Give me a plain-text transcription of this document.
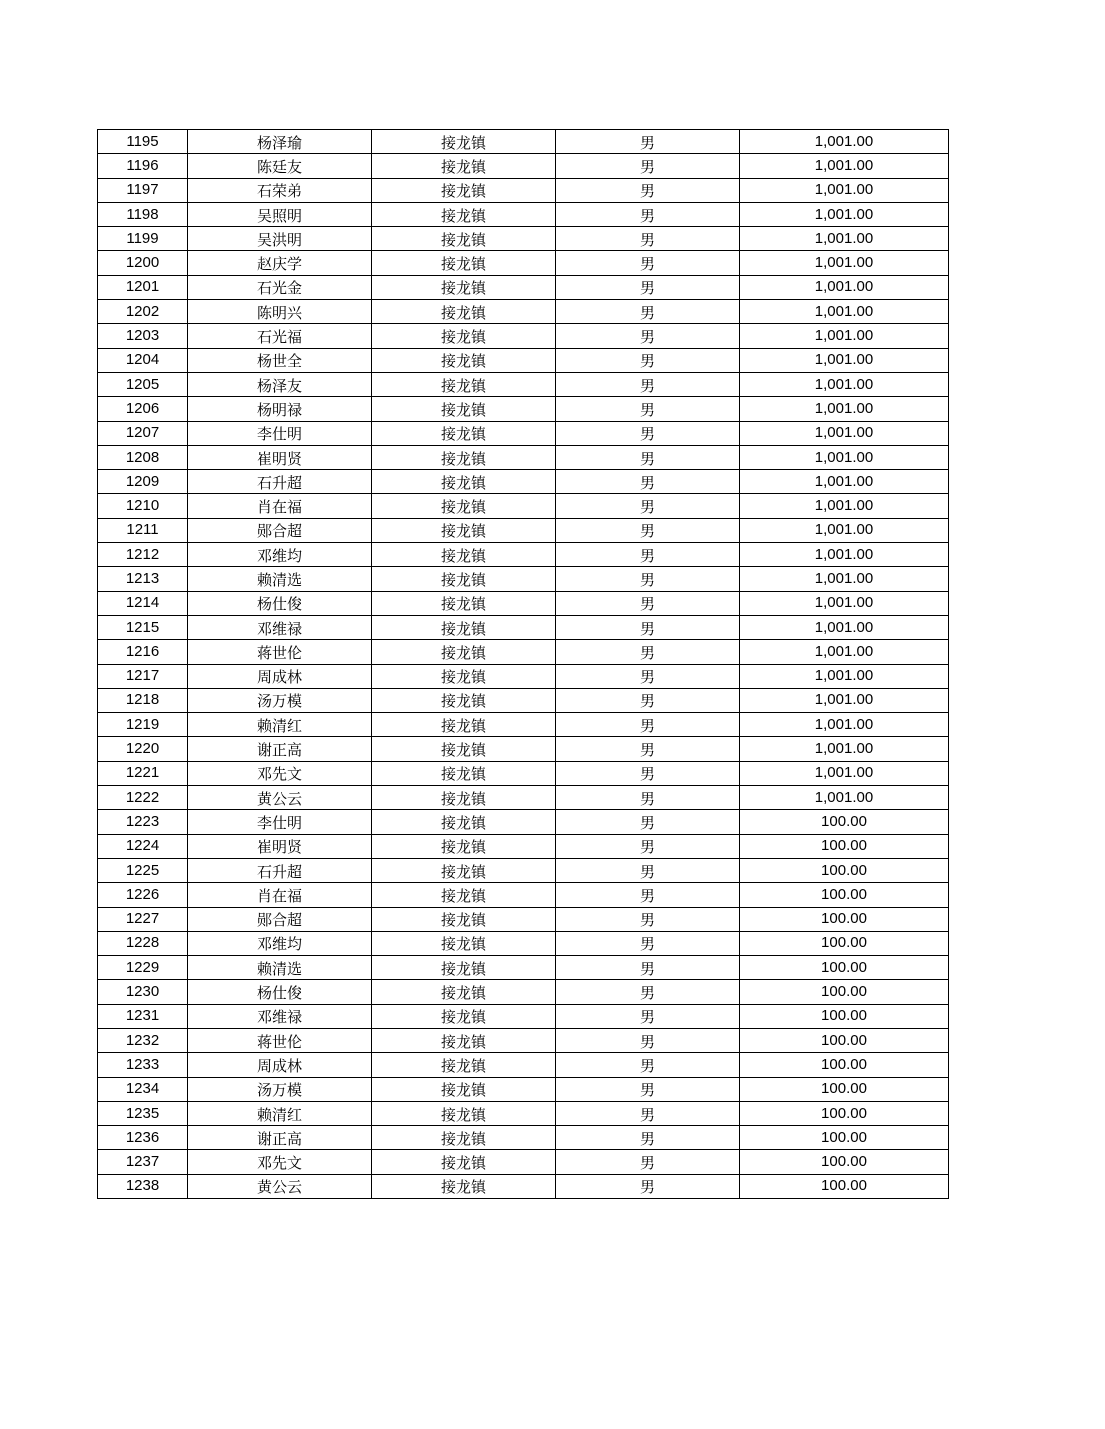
1195	杨泽瑜	接龙镇	男	1,001.00
1196	陈廷友	接龙镇	男	1,001.00
1197	石荣弟	接龙镇	男	1,001.00
1198	吴照明	接龙镇	男	1,001.00
1199	吴洪明	接龙镇	男	1,001.00
1200	赵庆学	接龙镇	男	1,001.00
1201	石光金	接龙镇	男	1,001.00
1202	陈明兴	接龙镇	男	1,001.00
1203	石光福	接龙镇	男	1,001.00
1204	杨世全	接龙镇	男	1,001.00
1205	杨泽友	接龙镇	男	1,001.00
1206	杨明禄	接龙镇	男	1,001.00
1207	李仕明	接龙镇	男	1,001.00
1208	崔明贤	接龙镇	男	1,001.00
1209	石升超	接龙镇	男	1,001.00
1210	肖在福	接龙镇	男	1,001.00
1211	郧合超	接龙镇	男	1,001.00
1212	邓维均	接龙镇	男	1,001.00
1213	赖清选	接龙镇	男	1,001.00
1214	杨仕俊	接龙镇	男	1,001.00
1215	邓维禄	接龙镇	男	1,001.00
1216	蒋世伦	接龙镇	男	1,001.00
1217	周成林	接龙镇	男	1,001.00
1218	汤万模	接龙镇	男	1,001.00
1219	赖清红	接龙镇	男	1,001.00
1220	谢正高	接龙镇	男	1,001.00
1221	邓先文	接龙镇	男	1,001.00
1222	黄公云	接龙镇	男	1,001.00
1223	李仕明	接龙镇	男	100.00
1224	崔明贤	接龙镇	男	100.00
1225	石升超	接龙镇	男	100.00
1226	肖在福	接龙镇	男	100.00
1227	郧合超	接龙镇	男	100.00
1228	邓维均	接龙镇	男	100.00
1229	赖清选	接龙镇	男	100.00
1230	杨仕俊	接龙镇	男	100.00
1231	邓维禄	接龙镇	男	100.00
1232	蒋世伦	接龙镇	男	100.00
1233	周成林	接龙镇	男	100.00
1234	汤万模	接龙镇	男	100.00
1235	赖清红	接龙镇	男	100.00
1236	谢正高	接龙镇	男	100.00
1237	邓先文	接龙镇	男	100.00
1238	黄公云	接龙镇	男	100.00
